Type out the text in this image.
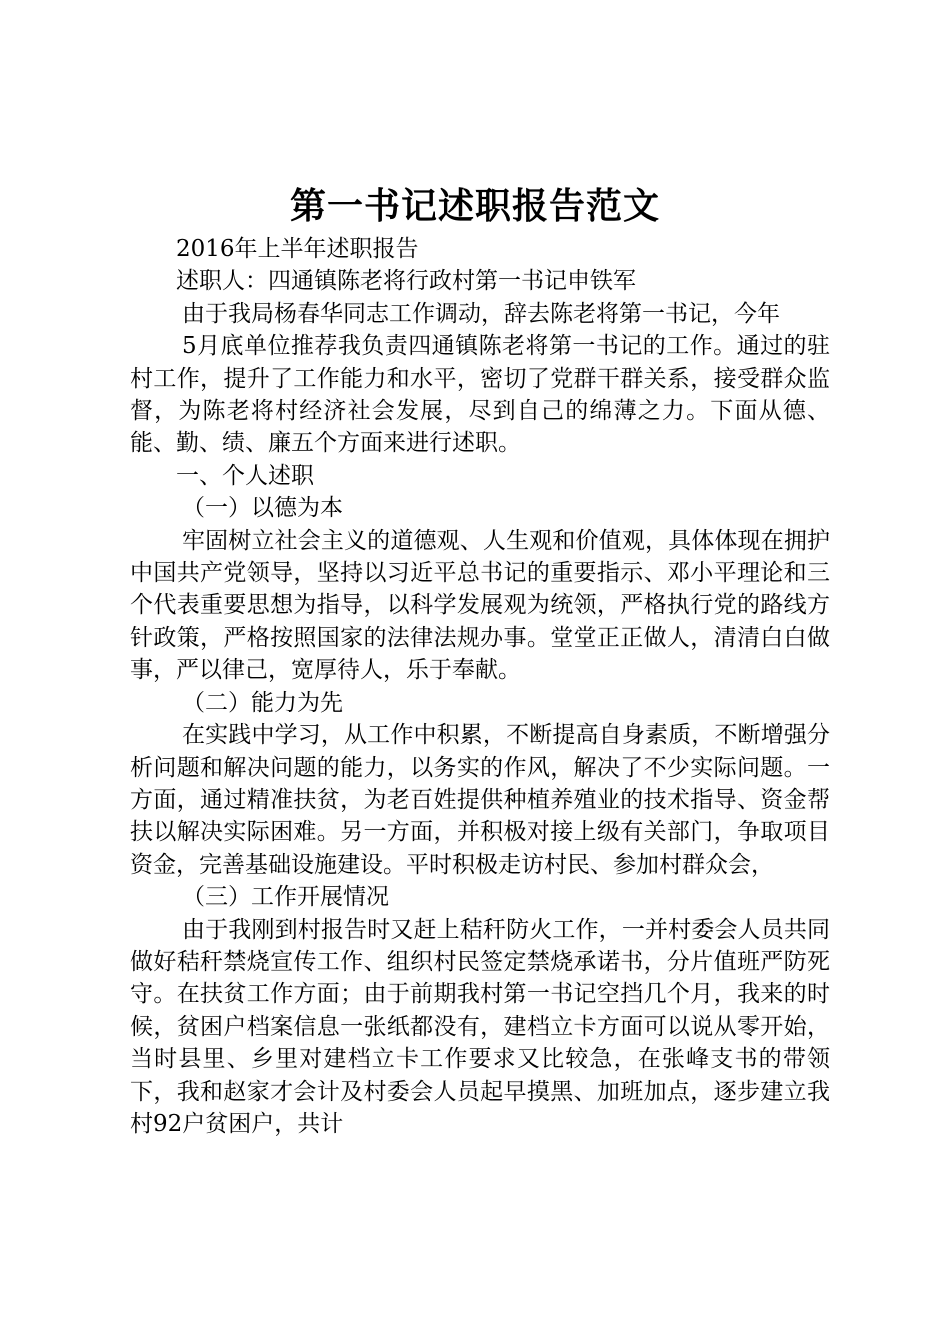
第一书记述职报告范文

2016年上半年述职报告

述职人：四通镇陈老将行政村第一书记申铁军

由于我局杨春华同志工作调动，辞去陈老将第一书记，今年

5月底单位推荐我负责四通镇陈老将第一书记的工作。通过的驻村工作，提升了工作能力和水平，密切了党群干群关系，接受群众监督，为陈老将村经济社会发展，尽到自己的绵薄之力。下面从德、能、勤、绩、廉五个方面来进行述职。

一、个人述职

（一）以德为本

牢固树立社会主义的道德观、人生观和价值观，具体体现在拥护中国共产党领导，坚持以习近平总书记的重要指示、邓小平理论和三个代表重要思想为指导，以科学发展观为统领，严格执行党的路线方针政策，严格按照国家的法律法规办事。堂堂正正做人，清清白白做事，严以律己，宽厚待人，乐于奉献。

（二）能力为先

在实践中学习，从工作中积累，不断提高自身素质，不断增强分析问题和解决问题的能力，以务实的作风，解决了不少实际问题。一方面，通过精准扶贫，为老百姓提供种植养殖业的技术指导、资金帮扶以解决实际困难。另一方面，并积极对接上级有关部门，争取项目资金，完善基础设施建设。平时积极走访村民、参加村群众会，

（三）工作开展情况

由于我刚到村报告时又赶上秸秆防火工作，一并村委会人员共同做好秸秆禁烧宣传工作、组织村民签定禁烧承诺书，分片值班严防死守。在扶贫工作方面；由于前期我村第一书记空挡几个月，我来的时候，贫困户档案信息一张纸都没有，建档立卡方面可以说从零开始，当时县里、乡里对建档立卡工作要求又比较急，在张峰支书的带领下，我和赵家才会计及村委会人员起早摸黑、加班加点，逐步建立我村92户贫困户，共计
